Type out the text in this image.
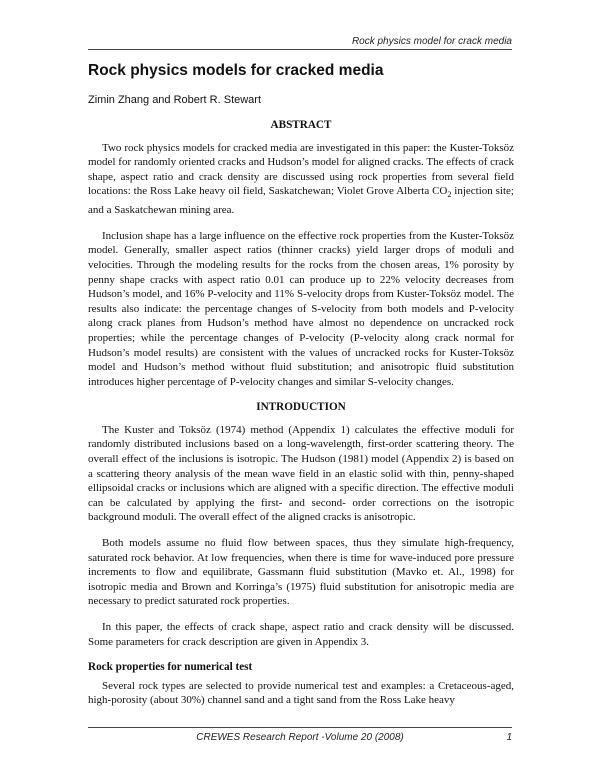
Rock physics model for crack media
Rock physics models for cracked media
Zimin Zhang and Robert R. Stewart
ABSTRACT

Two rock physics models for cracked media are investigated in this paper: the Kuster-Toksöz model for randomly oriented cracks and Hudson’s model for aligned cracks. The effects of crack shape, aspect ratio and crack density are discussed using rock properties from several field locations: the Ross Lake heavy oil field, Saskatchewan; Violet Grove Alberta $CO_2$ injection site; and a Saskatchewan mining area.

Inclusion shape has a large influence on the effective rock properties from the Kuster-Toksöz model. Generally, smaller aspect ratios (thinner cracks) yield larger drops of moduli and velocities. Through the modeling results for the rocks from the chosen areas, 1% porosity by penny shape cracks with aspect ratio 0.01 can produce up to 22% velocity decreases from Hudson’s model, and 16% P-velocity and 11% S-velocity drops from Kuster-Toksöz model. The results also indicate: the percentage changes of S-velocity from both models and P-velocity along crack planes from Hudson’s method have almost no dependence on uncracked rock properties; while the percentage changes of P-velocity (P-velocity along crack normal for Hudson’s model results) are consistent with the values of uncracked rocks for Kuster-Toksöz model and Hudson’s method without fluid substitution; and anisotropic fluid substitution introduces higher percentage of P-velocity changes and similar S-velocity changes.

INTRODUCTION

The Kuster and Toksöz (1974) method (Appendix 1) calculates the effective moduli for randomly distributed inclusions based on a long-wavelength, first-order scattering theory. The overall effect of the inclusions is isotropic. The Hudson (1981) model (Appendix 2) is based on a scattering theory analysis of the mean wave field in an elastic solid with thin, penny-shaped ellipsoidal cracks or inclusions which are aligned with a specific direction. The effective moduli can be calculated by applying the first- and second- order corrections on the isotropic background moduli. The overall effect of the aligned cracks is anisotropic.

Both models assume no fluid flow between spaces, thus they simulate high-frequency, saturated rock behavior. At low frequencies, when there is time for wave-induced pore pressure increments to flow and equilibrate, Gassmann fluid substitution (Mavko et. Al., 1998) for isotropic media and Brown and Korringa’s (1975) fluid substitution for anisotropic media are necessary to predict saturated rock properties.

In this paper, the effects of crack shape, aspect ratio and crack density will be discussed. Some parameters for crack description are given in Appendix 3.

Rock properties for numerical test

Several rock types are selected to provide numerical test and examples: a Cretaceous-aged, high-porosity (about 30%) channel sand and a tight sand from the Ross Lake heavy

CREWES Research Report -Volume 20 (2008)	1
